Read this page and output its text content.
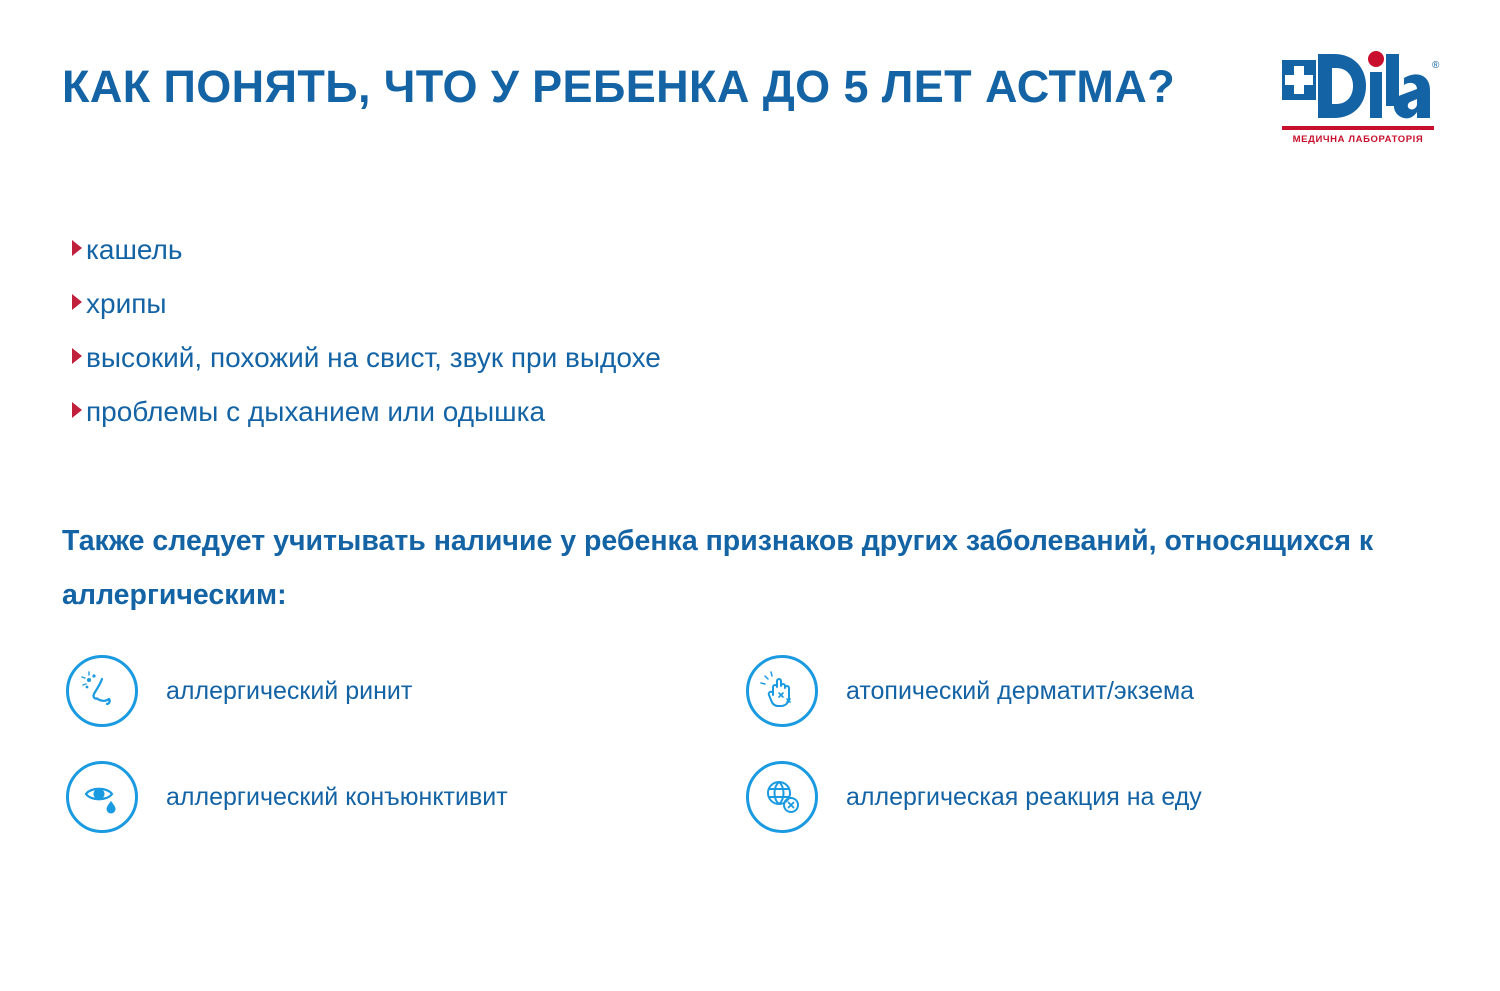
КАК ПОНЯТЬ, ЧТО У РЕБЕНКА ДО 5 ЛЕТ АСТМА?	®
МЕДИЧНА ЛАБОРАТОРІЯ
кашель
хрипы
высокий, похожий на свист, звук при выдохе
проблемы с дыханием или одышка
Также следует учитывать наличие у ребенка признаков других заболеваний, относящихся к аллергическим:
аллергический ринит	атопический дерматит/экзема
аллергический конъюнктивит	аллергическая реакция на еду
